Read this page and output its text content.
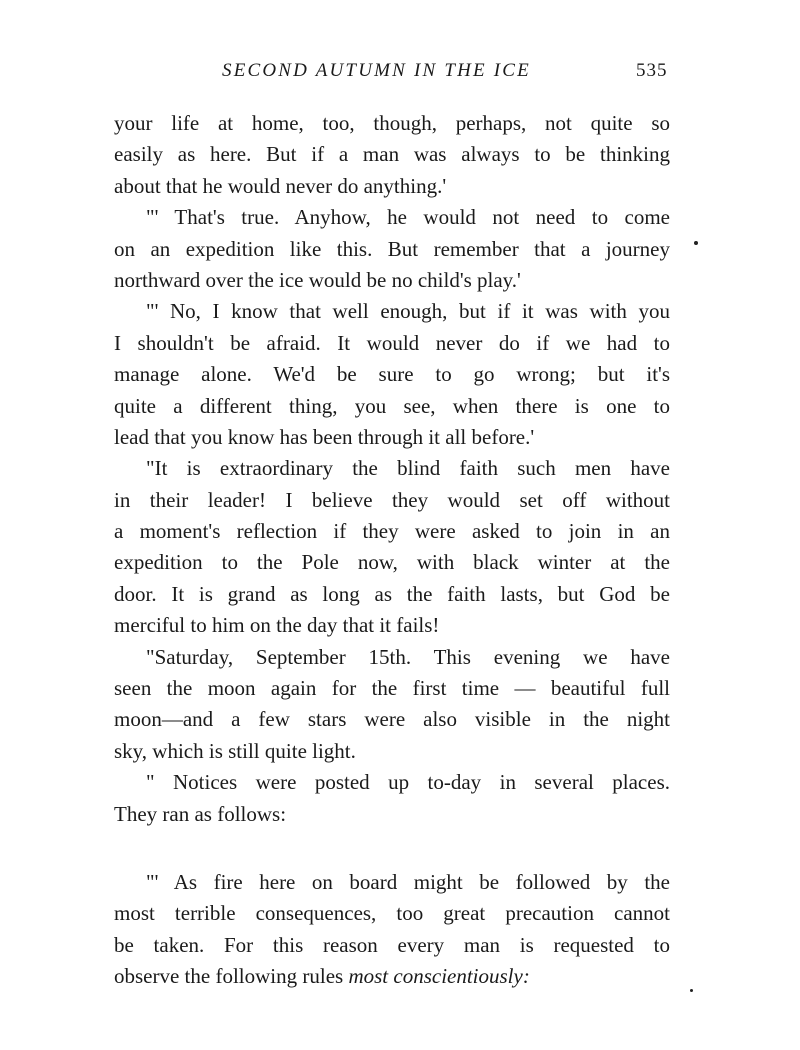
SECOND AUTUMN IN THE ICE	535
your life at home, too, though, perhaps, not quite so
easily as here. But if a man was always to be thinking
about that he would never do anything.'
"' That's true. Anyhow, he would not need to come
on an expedition like this. But remember that a journey
northward over the ice would be no child's play.'
"' No, I know that well enough, but if it was with you
I shouldn't be afraid. It would never do if we had to
manage alone. We'd be sure to go wrong; but it's
quite a different thing, you see, when there is one to
lead that you know has been through it all before.'
"It is extraordinary the blind faith such men have
in their leader! I believe they would set off without
a moment's reflection if they were asked to join in an
expedition to the Pole now, with black winter at the
door. It is grand as long as the faith lasts, but God be
merciful to him on the day that it fails!
"Saturday, September 15th. This evening we have
seen the moon again for the first time — beautiful full
moon—and a few stars were also visible in the night
sky, which is still quite light.
" Notices were posted up to-day in several places.
They ran as follows:
"' As fire here on board might be followed by the
most terrible consequences, too great precaution cannot
be taken. For this reason every man is requested to
observe the following rules most conscientiously:
